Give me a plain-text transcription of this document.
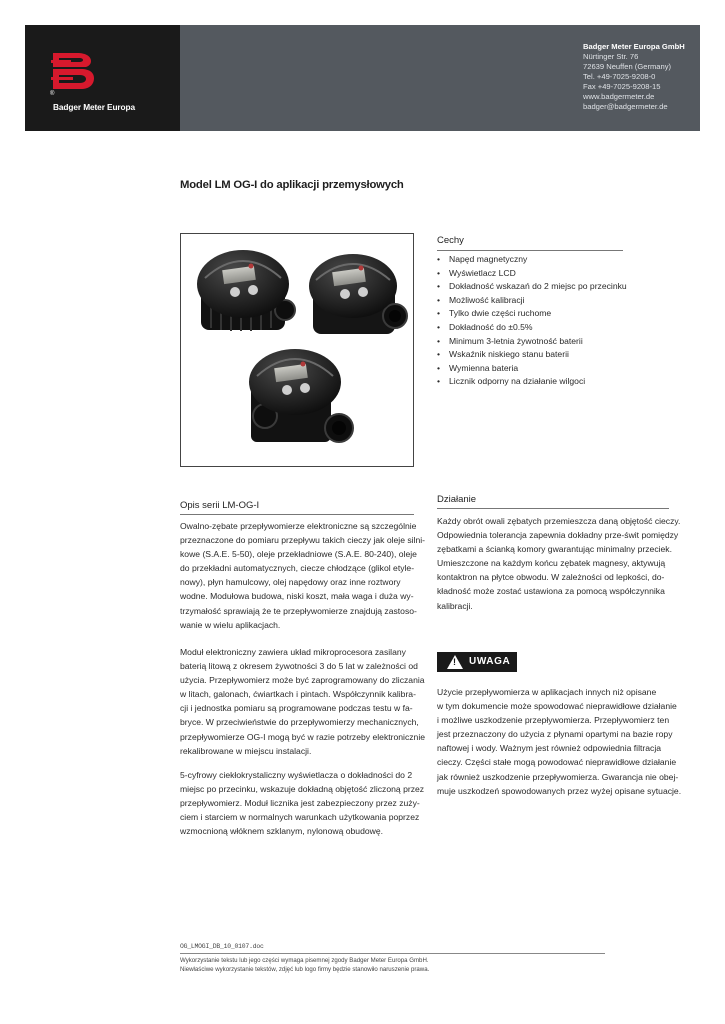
®
Badger Meter Europa
Badger Meter Europa GmbH
Nürtinger Str. 76
72639 Neuffen (Germany)
Tel. +49-7025-9208-0
Fax +49-7025-9208-15
www.badgermeter.de
badger@badgermeter.de
Model LM OG-I do aplikacji przemysłowych
Cechy
• Napęd magnetyczny
• Wyświetlacz LCD
• Dokładność wskazań do 2 miejsc po przecinku
• Możliwość kalibracji
• Tylko dwie części ruchome
• Dokładność do ±0.5%
• Minimum 3-letnia żywotność baterii
• Wskaźnik niskiego stanu baterii
• Wymienna bateria
• Licznik odporny na działanie wilgoci
Opis serii LM-OG-I
Owalno-zębate przepływomierze elektroniczne są szczególnie
przeznaczone do pomiaru przepływu takich cieczy jak oleje silni-
kowe (S.A.E. 5-50), oleje przekładniowe (S.A.E. 80-240), oleje
do przekładni automatycznych, ciecze chłodzące (glikol etyle-
nowy), płyn hamulcowy, olej napędowy oraz inne roztwory
wodne. Modułowa budowa, niski koszt, mała waga i duża wy-
trzymałość sprawiają że te przepływomierze znajdują zastoso-
wanie w wielu aplikacjach.
Moduł elektroniczny zawiera układ mikroprocesora zasilany
baterią litową z okresem żywotności 3 do 5 lat w zależności od
użycia. Przepływomierz może być zaprogramowany do zliczania
w litach, galonach, ćwiartkach i pintach. Współczynnik kalibra-
cji i jednostka pomiaru są programowane podczas testu w fa-
bryce. W przeciwieństwie do przepływomierzy mechanicznych,
przepływomierze OG-I mogą być w razie potrzeby elektronicznie
rekalibrowane w miejscu instalacji.
5-cyfrowy ciekłokrystaliczny wyświetlacza o dokładności do 2
miejsc po przecinku, wskazuje dokładną objętość zliczoną przez
przepływomierz. Moduł licznika jest zabezpieczony przez zuży-
ciem i starciem w normalnych warunkach użytkowania poprzez
wzmocnioną włóknem szklanym, nylonową obudowę.
Działanie
Każdy obrót owali zębatych przemieszcza daną objętość cieczy.
Odpowiednia tolerancja zapewnia dokładny prze-świt pomiędzy
zębatkami a ścianką komory gwarantując minimalny przeciek.
Umieszczone na każdym końcu zębatek magnesy, aktywują
kontaktron na płytce obwodu. W zależności od lepkości, do-
kładność może zostać ustawiona za pomocą współczynnika
kalibracji.
! UWAGA
Użycie przepływomierza w aplikacjach innych niż opisane
w tym dokumencie może spowodować nieprawidłowe działanie
i możliwe uszkodzenie przepływomierza. Przepływomierz ten
jest przeznaczony do użycia z płynami opartymi na bazie ropy
naftowej i wody. Ważnym jest również odpowiednia filtracja
cieczy. Części stałe mogą powodować nieprawidłowe działanie
jak również uszkodzenie przepływomierza. Gwarancja nie obej-
muje uszkodzeń spowodowanych przez wyżej opisane sytuacje.
OG_LMOGI_DB_10_0107.doc
Wykorzystanie tekstu lub jego części wymaga pisemnej zgody Badger Meter Europa GmbH.
Niewłaściwe wykorzystanie tekstów, zdjęć lub logo firmy będzie stanowiło naruszenie prawa.
